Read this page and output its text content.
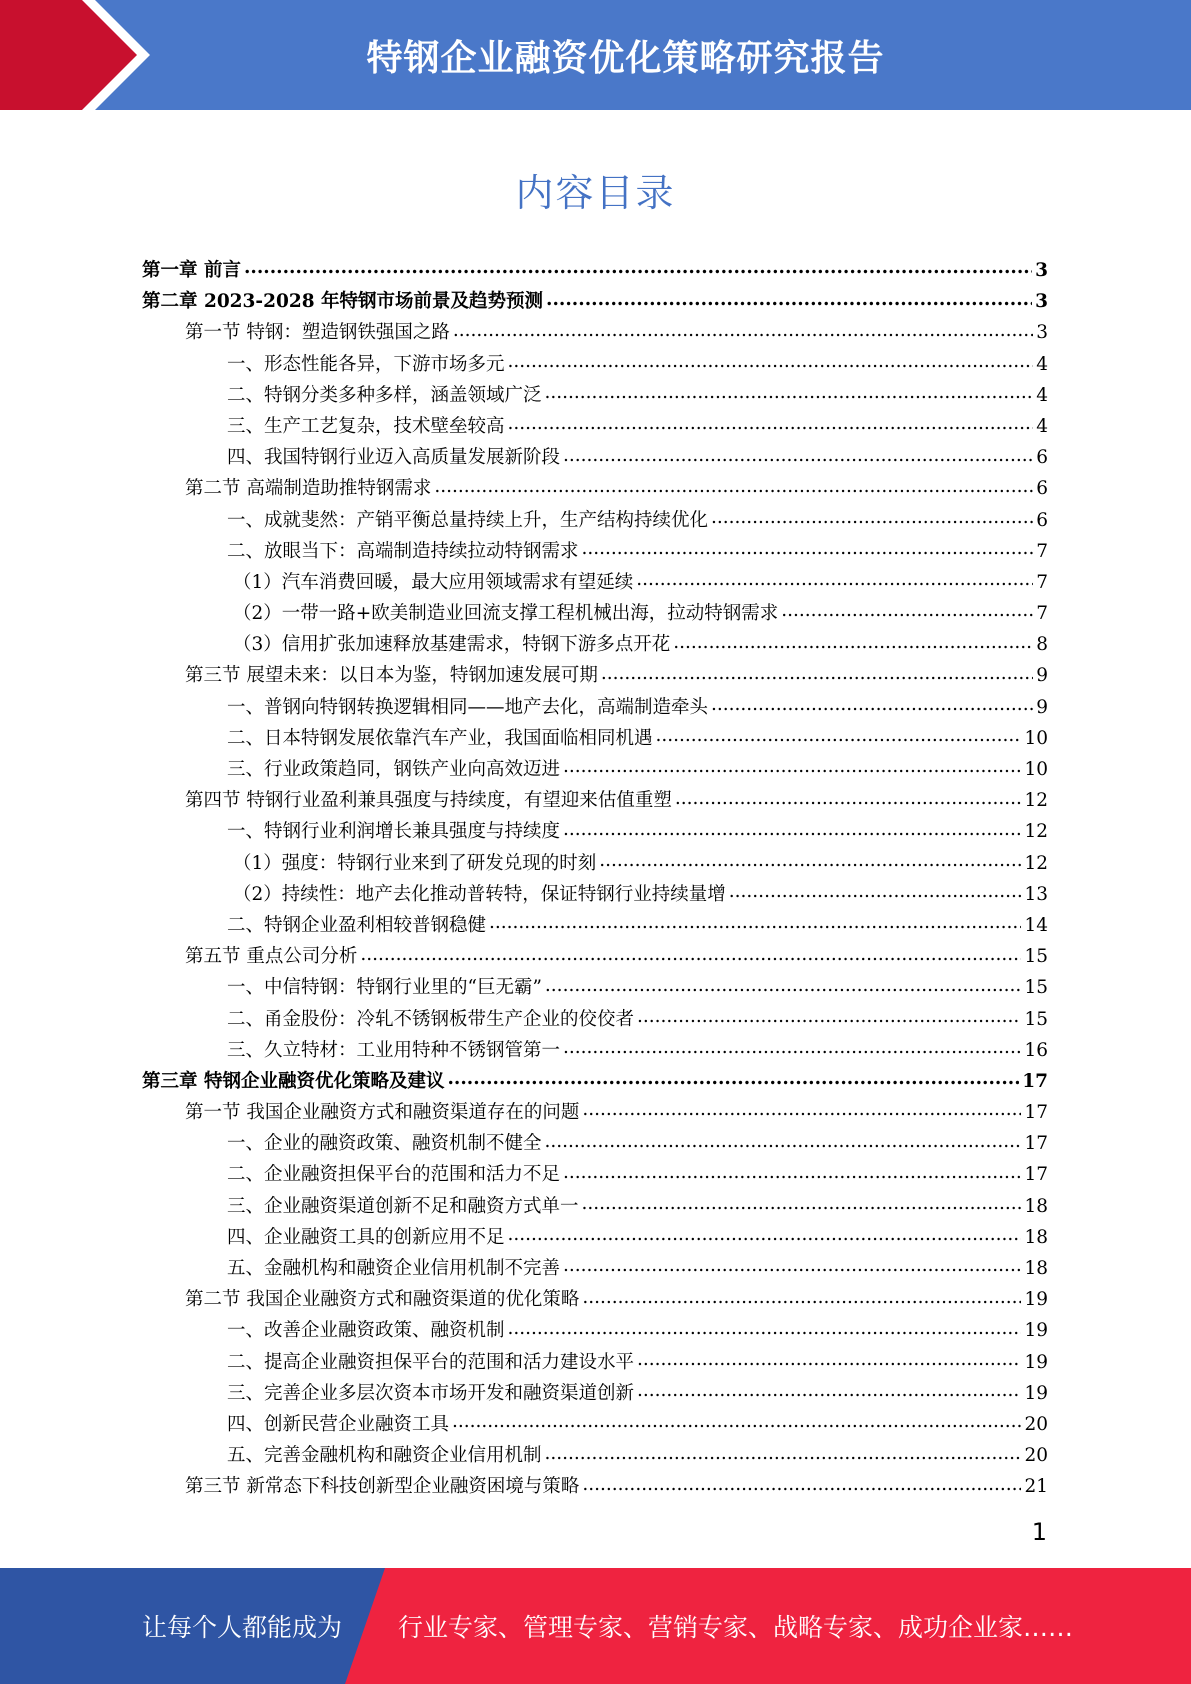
特钢企业融资优化策略研究报告
内容目录
第一章 前言 .....	3
第二章 2023-2028 年特钢市场前景及趋势预测 .....	3
第一节 特钢：塑造钢铁强国之路 .....	3
一、形态性能各异，下游市场多元 .....	4
二、特钢分类多种多样，涵盖领域广泛 .....	4
三、生产工艺复杂，技术壁垒较高 .....	4
四、我国特钢行业迈入高质量发展新阶段 .....	6
第二节 高端制造助推特钢需求 .....	6
一、成就斐然：产销平衡总量持续上升，生产结构持续优化 .....	6
二、放眼当下：高端制造持续拉动特钢需求 .....	7
（1）汽车消费回暖，最大应用领域需求有望延续 .....	7
（2）一带一路+欧美制造业回流支撑工程机械出海，拉动特钢需求 .....	7
（3）信用扩张加速释放基建需求，特钢下游多点开花 .....	8
第三节 展望未来：以日本为鉴，特钢加速发展可期 .....	9
一、普钢向特钢转换逻辑相同——地产去化，高端制造牵头 .....	9
二、日本特钢发展依靠汽车产业，我国面临相同机遇 .....	10
三、行业政策趋同，钢铁产业向高效迈进 .....	10
第四节 特钢行业盈利兼具强度与持续度，有望迎来估值重塑 .....	12
一、特钢行业利润增长兼具强度与持续度 .....	12
（1）强度：特钢行业来到了研发兑现的时刻 .....	12
（2）持续性：地产去化推动普转特，保证特钢行业持续量增 .....	13
二、特钢企业盈利相较普钢稳健 .....	14
第五节 重点公司分析 .....	15
一、中信特钢：特钢行业里的“巨无霸” .....	15
二、甬金股份：冷轧不锈钢板带生产企业的佼佼者 .....	15
三、久立特材：工业用特种不锈钢管第一 .....	16
第三章 特钢企业融资优化策略及建议 .....	17
第一节 我国企业融资方式和融资渠道存在的问题 .....	17
一、企业的融资政策、融资机制不健全 .....	17
二、企业融资担保平台的范围和活力不足 .....	17
三、企业融资渠道创新不足和融资方式单一 .....	18
四、企业融资工具的创新应用不足 .....	18
五、金融机构和融资企业信用机制不完善 .....	18
第二节 我国企业融资方式和融资渠道的优化策略 .....	19
一、改善企业融资政策、融资机制 .....	19
二、提高企业融资担保平台的范围和活力建设水平 .....	19
三、完善企业多层次资本市场开发和融资渠道创新 .....	19
四、创新民营企业融资工具 .....	20
五、完善金融机构和融资企业信用机制 .....	20
第三节 新常态下科技创新型企业融资困境与策略 .....	21
1
让每个人都能成为 行业专家、管理专家、营销专家、战略专家、成功企业家……
